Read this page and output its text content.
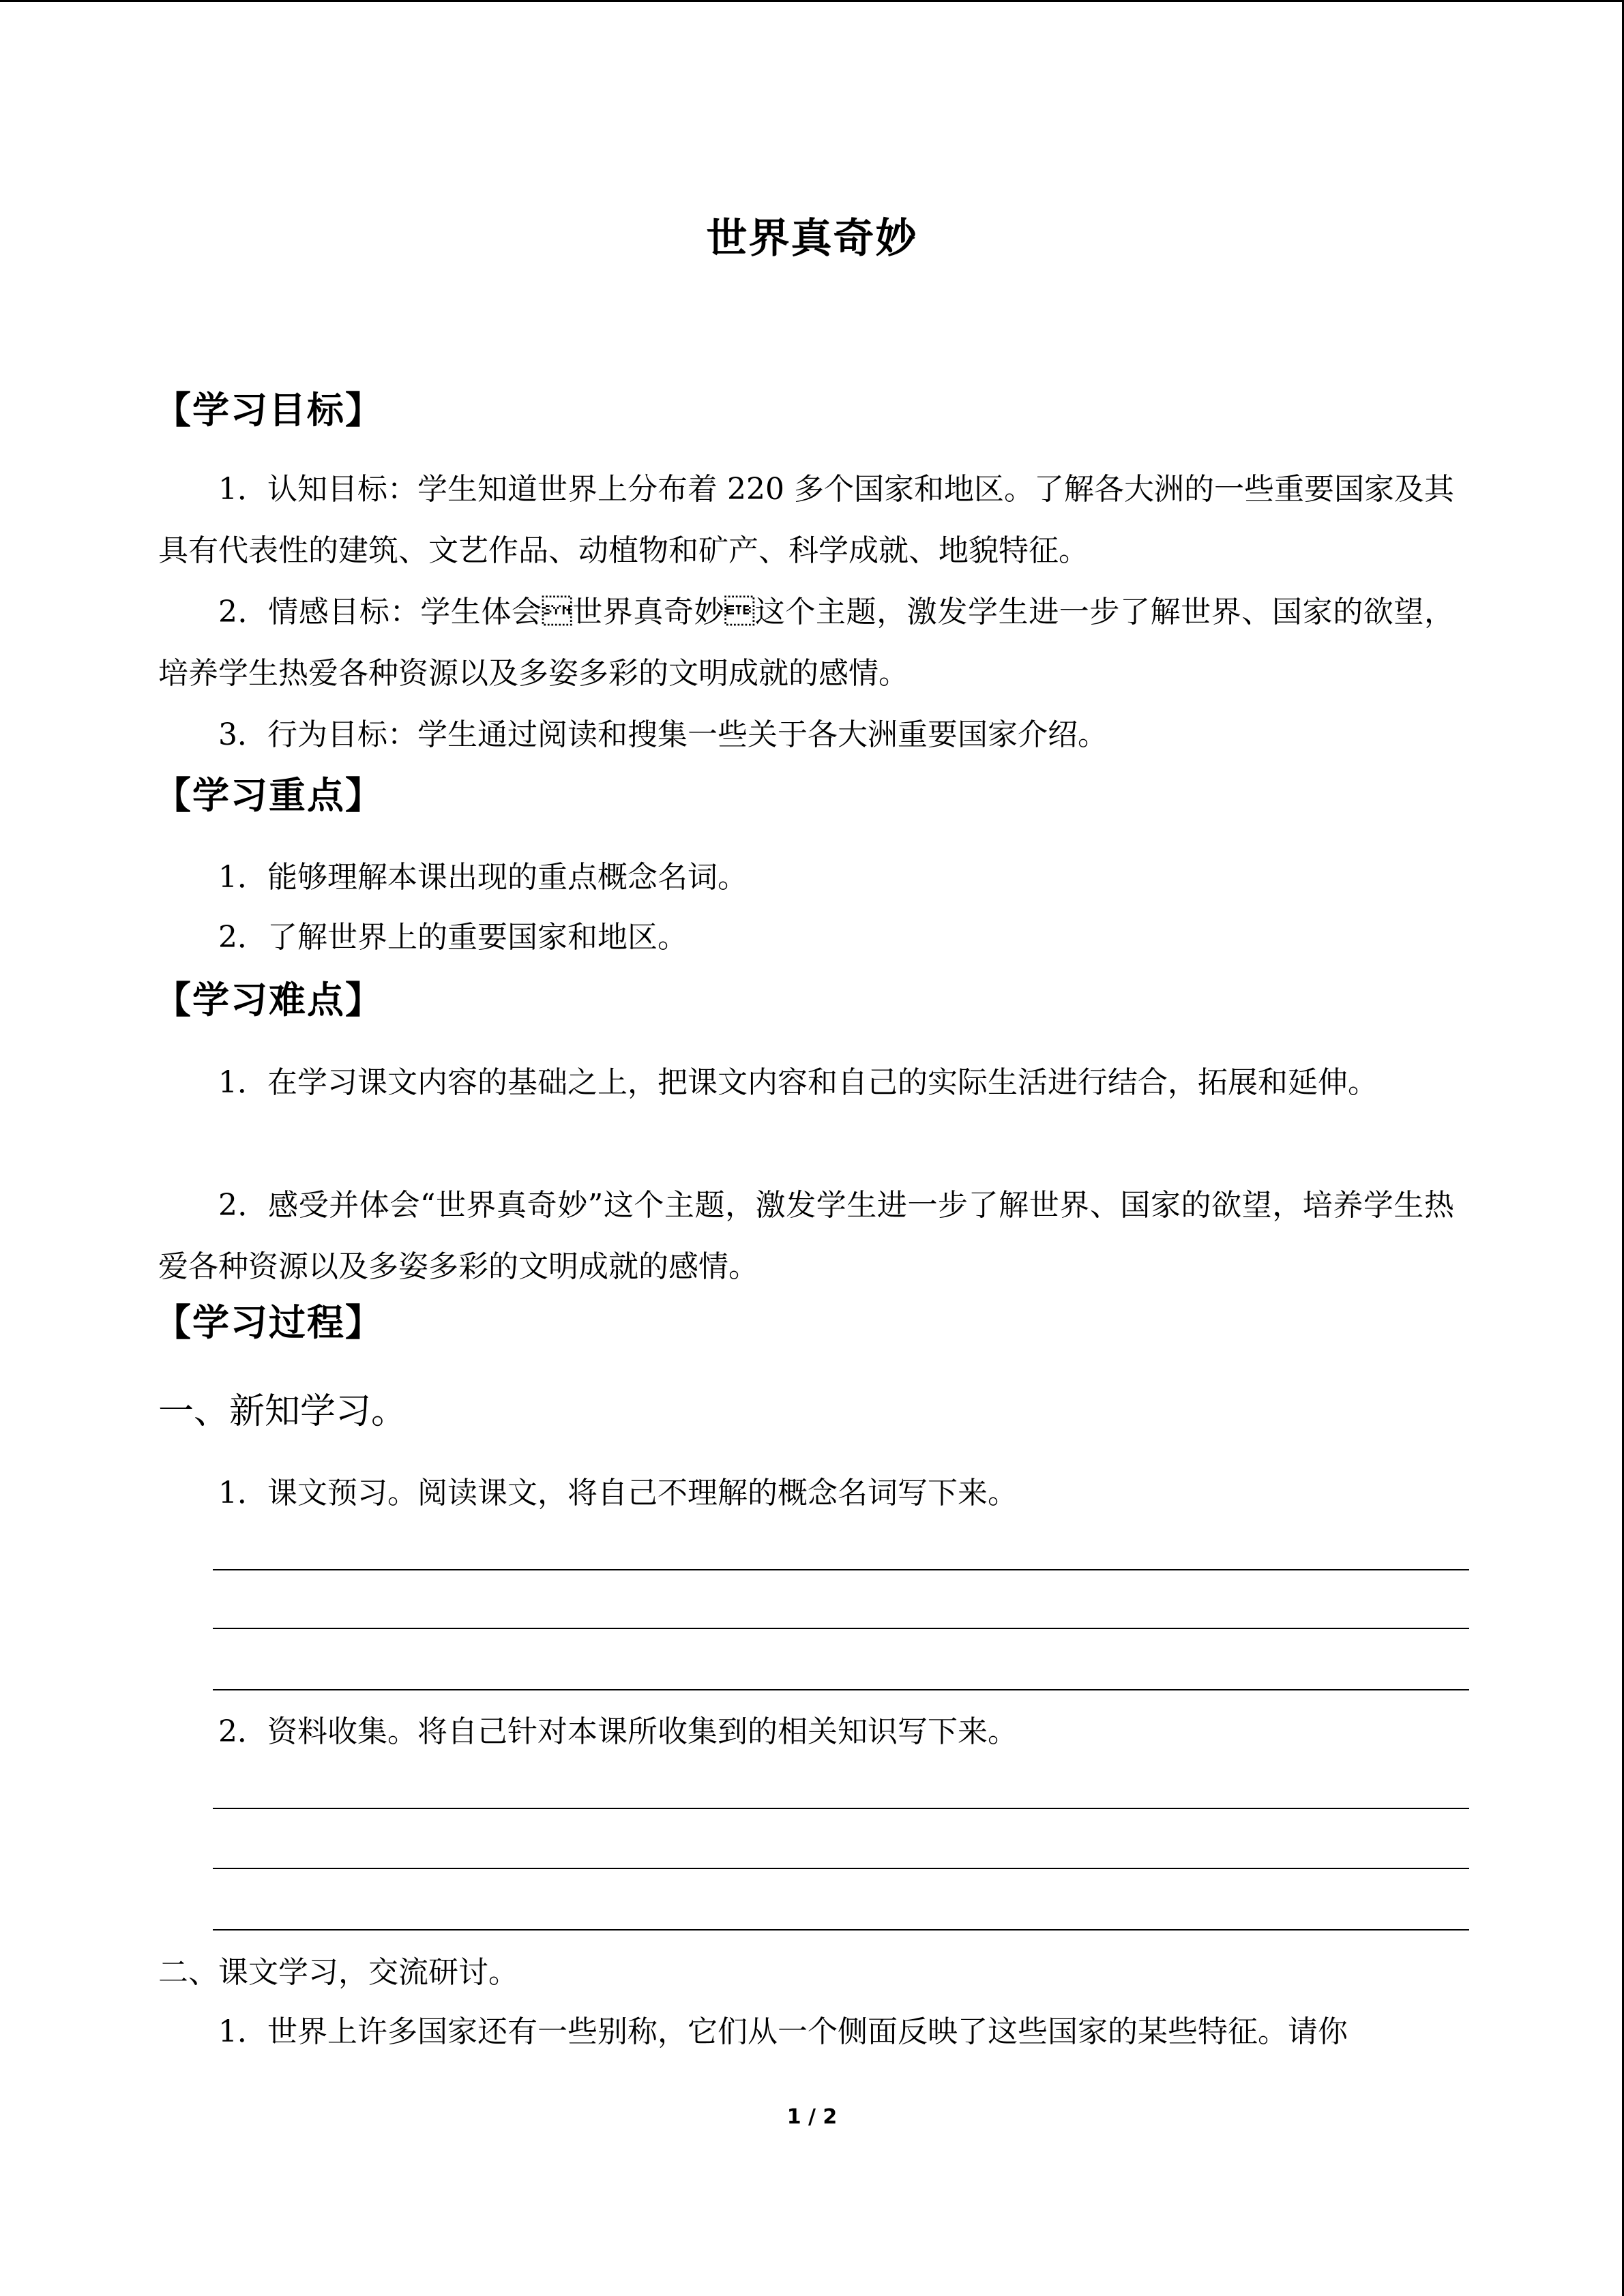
世界真奇妙
【学习目标】
1．认知目标：学生知道世界上分布着 220 多个国家和地区。了解各大洲的一些重要国家及其具有代表性的建筑、文艺作品、动植物和矿产、科学成就、地貌特征。
2．情感目标：学生体会世界真奇妙这个主题，激发学生进一步了解世界、国家的欲望，培养学生热爱各种资源以及多姿多彩的文明成就的感情。
3．行为目标：学生通过阅读和搜集一些关于各大洲重要国家介绍。
【学习重点】
1．能够理解本课出现的重点概念名词。
2．了解世界上的重要国家和地区。
【学习难点】
1．在学习课文内容的基础之上，把课文内容和自己的实际生活进行结合，拓展和延伸。
2．感受并体会“世界真奇妙”这个主题，激发学生进一步了解世界、国家的欲望，培养学生热爱各种资源以及多姿多彩的文明成就的感情。
【学习过程】
一、新知学习。
1．课文预习。阅读课文，将自己不理解的概念名词写下来。
2．资料收集。将自己针对本课所收集到的相关知识写下来。
二、课文学习，交流研讨。
1．世界上许多国家还有一些别称，它们从一个侧面反映了这些国家的某些特征。请你
1 / 2
